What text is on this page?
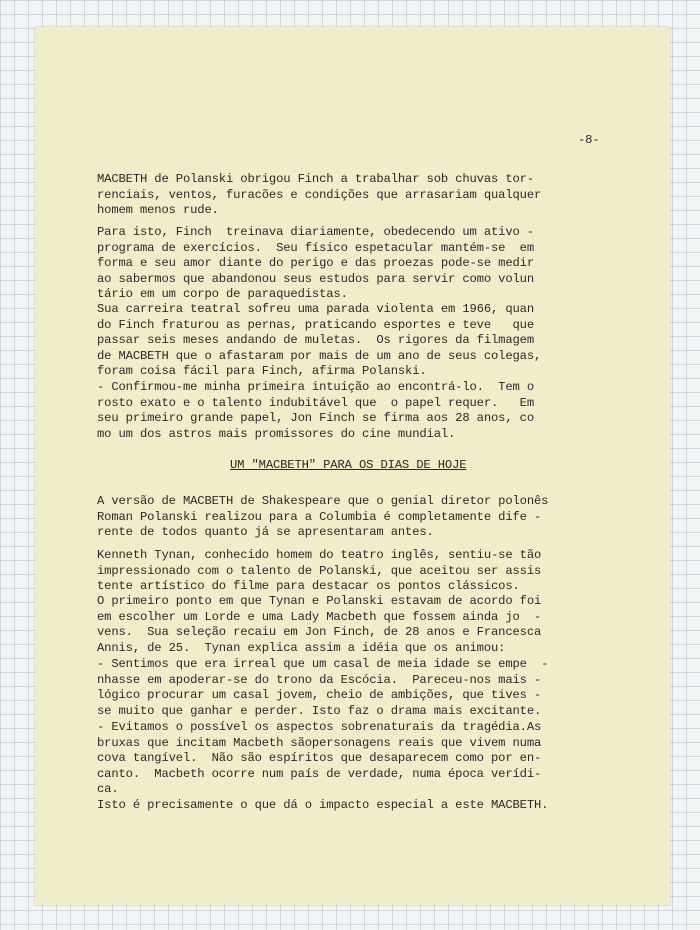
-8-
MACBETH de Polanski obrigou Finch a trabalhar sob chuvas tor-
renciais, ventos, furacões e condições que arrasariam qualquer
homem menos rude.
Para isto, Finch  treinava diariamente, obedecendo um ativo -
programa de exercícios.  Seu físico espetacular mantém-se  em
forma e seu amor diante do perigo e das proezas pode-se medir
ao sabermos que abandonou seus estudos para servir como volun
tário em um corpo de paraquedistas.
Sua carreira teatral sofreu uma parada violenta em 1966, quan
do Finch fraturou as pernas, praticando esportes e teve   que
passar seis meses andando de muletas.  Os rigores da filmagem
de MACBETH que o afastaram por mais de um ano de seus colegas,
foram coisa fácil para Finch, afirma Polanski.
- Confirmou-me minha primeira intuição ao encontrá-lo.  Tem o
rosto exato e o talento indubitável que  o papel requer.   Em
seu primeiro grande papel, Jon Finch se firma aos 28 anos, co
mo um dos astros mais promissores do cine mundial.
UM "MACBETH" PARA OS DIAS DE HOJE
A versão de MACBETH de Shakespeare que o genial diretor polonês
Roman Polanski realizou para a Columbia é completamente dife -
rente de todos quanto já se apresentaram antes.
Kenneth Tynan, conhecido homem do teatro inglês, sentiu-se tão
impressionado com o talento de Polanski, que aceitou ser assis
tente artístico do filme para destacar os pontos clássicos.
O primeiro ponto em que Tynan e Polanski estavam de acordo foi
em escolher um Lorde e uma Lady Macbeth que fossem ainda jo  -
vens.  Sua seleção recaiu em Jon Finch, de 28 anos e Francesca
Annis, de 25.  Tynan explica assim a idéia que os animou:
- Sentimos que era irreal que um casal de meia idade se empe  -
nhasse em apoderar-se do trono da Escócia.  Pareceu-nos mais -
lógico procurar um casal jovem, cheio de ambições, que tives -
se muito que ganhar e perder. Isto faz o drama mais excitante.
- Evitamos o possível os aspectos sobrenaturais da tragédia.As
bruxas que incitam Macbeth sãopersonagens reais que vivem numa
cova tangível.  Não são espíritos que desaparecem como por en-
canto.  Macbeth ocorre num país de verdade, numa época verídi-
ca.
Isto é precisamente o que dá o impacto especial a este MACBETH.
